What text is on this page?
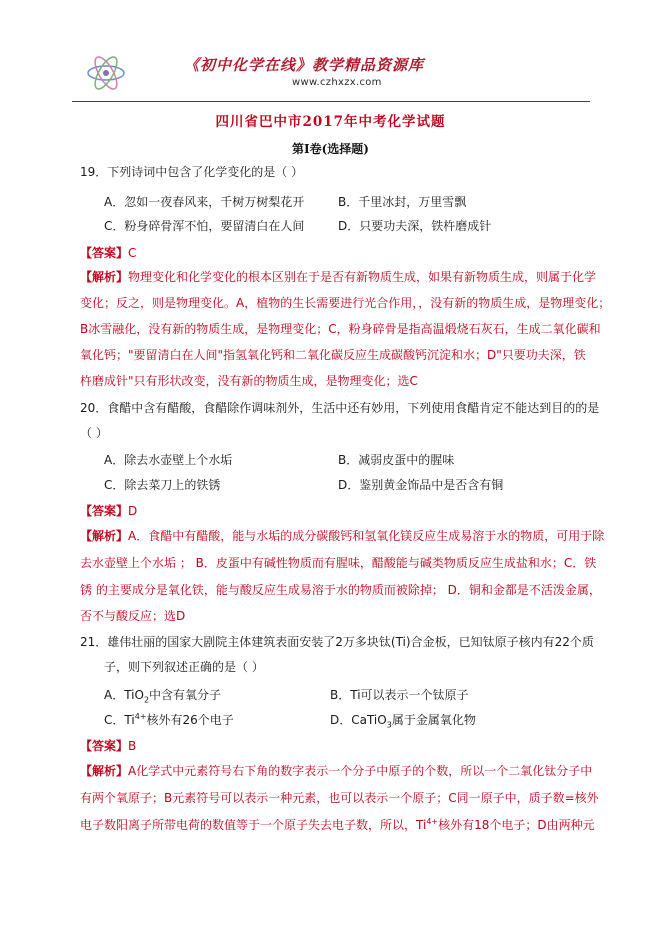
《初中化学在线》教学精品资源库
www.czhxzx.com
四川省巴中市2017年中考化学试题
第I卷(选择题)
19．下列诗词中包含了化学变化的是（ ）
A．忽如一夜春风来，千树万树梨花开	B．千里冰封，万里雪飘
C．粉身碎骨浑不怕，要留清白在人间	D．只要功夫深，铁杵磨成针
【答案】C
【解析】物理变化和化学变化的根本区别在于是否有新物质生成，如果有新物质生成，则属于化学
变化；反之，则是物理变化。A，植物的生长需要进行光合作用，，没有新的物质生成，是物理变化；
B冰雪融化，没有新的物质生成，是物理变化；C，粉身碎骨是指高温煅烧石灰石，生成二氧化碳和
氧化钙；"要留清白在人间"指氢氧化钙和二氧化碳反应生成碳酸钙沉淀和水；D"只要功夫深，铁
杵磨成针"只有形状改变，没有新的物质生成，是物理变化；选C
20．食醋中含有醋酸，食醋除作调味剂外，生活中还有妙用，下列使用食醋肯定不能达到目的的是
（ ）
A．除去水壶壁上个水垢	B．减弱皮蛋中的腥味
C．除去菜刀上的铁锈	D．鉴别黄金饰品中是否含有铜
【答案】D
【解析】A．食醋中有醋酸，能与水垢的成分碳酸钙和氢氧化镁反应生成易溶于水的物质，可用于除
去水壶壁上个水垢 ； B．皮蛋中有碱性物质而有腥味，醋酸能与碱类物质反应生成盐和水；C．铁
锈 的主要成分是氧化铁，能与酸反应生成易溶于水的物质而被除掉； D．铜和金都是不活泼金属，
否不与酸反应；选D
21．雄伟壮丽的国家大剧院主体建筑表面安装了2万多块钛(Ti)合金板，已知钛原子核内有22个质
子，则下列叙述正确的是（ ）
A．TiO$_2$中含有氧分子	B．Ti可以表示一个钛原子
C．$Ti^{4+}$核外有26个电子	D．CaTiO$_3$属于金属氧化物
【答案】B
【解析】A化学式中元素符号右下角的数字表示一个分子中原子的个数，所以一个二氧化钛分子中
有两个氧原子；B元素符号可以表示一种元素，也可以表示一个原子；C同一原子中，质子数=核外
电子数阳离子所带电荷的数值等于一个原子失去电子数，所以，$Ti^{4+}$核外有18个电子；D由两种元
